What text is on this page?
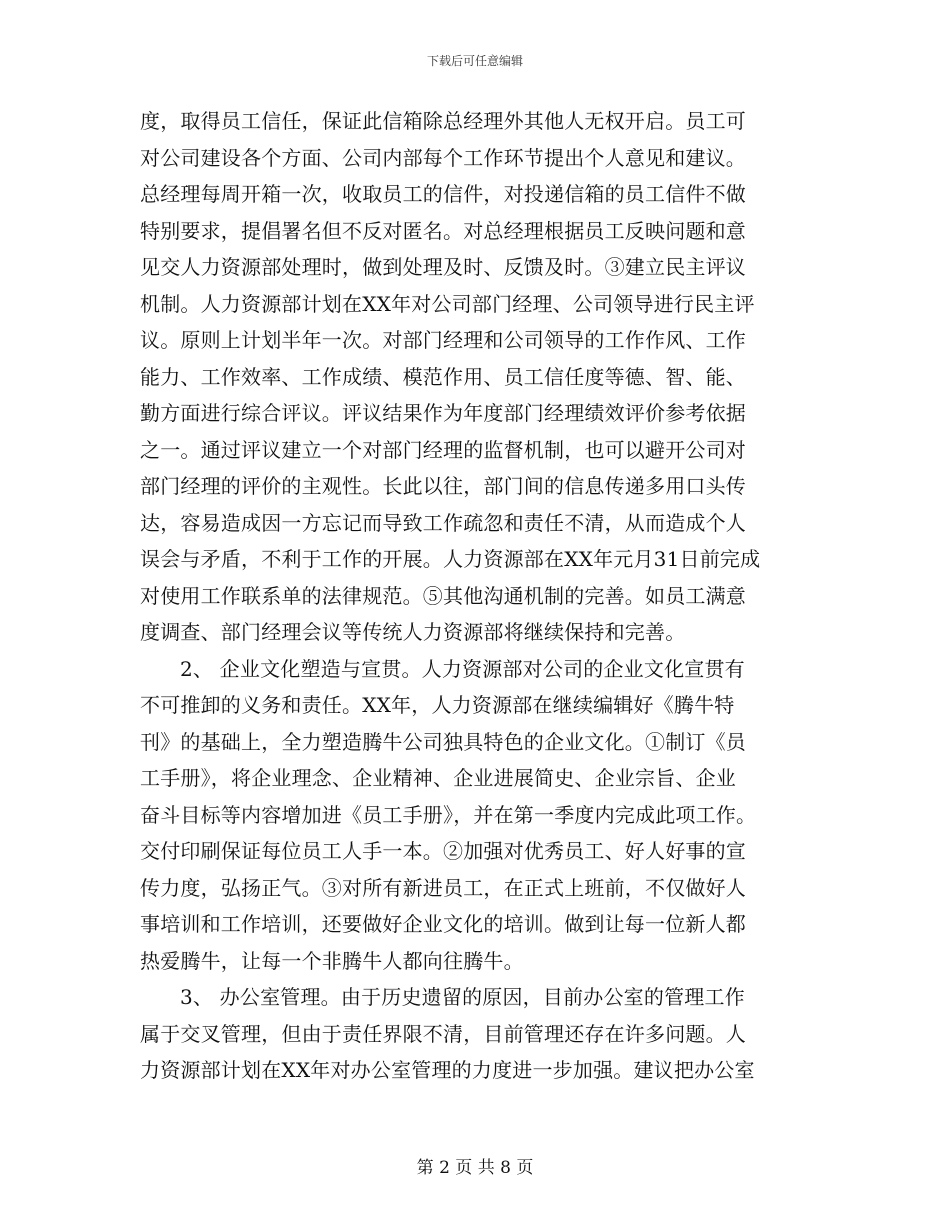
下载后可任意编辑
度，取得员工信任，保证此信箱除总经理外其他人无权开启。员工可
对公司建设各个方面、公司内部每个工作环节提出个人意见和建议。
总经理每周开箱一次，收取员工的信件，对投递信箱的员工信件不做
特别要求，提倡署名但不反对匿名。对总经理根据员工反映问题和意
见交人力资源部处理时，做到处理及时、反馈及时。③建立民主评议
机制。人力资源部计划在XX年对公司部门经理、公司领导进行民主评
议。原则上计划半年一次。对部门经理和公司领导的工作作风、工作
能力、工作效率、工作成绩、模范作用、员工信任度等德、智、能、
勤方面进行综合评议。评议结果作为年度部门经理绩效评价参考依据
之一。通过评议建立一个对部门经理的监督机制，也可以避开公司对
部门经理的评价的主观性。长此以往，部门间的信息传递多用口头传
达，容易造成因一方忘记而导致工作疏忽和责任不清，从而造成个人
误会与矛盾，不利于工作的开展。人力资源部在XX年元月31日前完成
对使用工作联系单的法律规范。⑤其他沟通机制的完善。如员工满意
度调查、部门经理会议等传统人力资源部将继续保持和完善。
2、 企业文化塑造与宣贯。人力资源部对公司的企业文化宣贯有
不可推卸的义务和责任。XX年，人力资源部在继续编辑好《腾牛特
刊》的基础上，全力塑造腾牛公司独具特色的企业文化。①制订《员
工手册》，将企业理念、企业精神、企业进展简史、企业宗旨、企业
奋斗目标等内容增加进《员工手册》，并在第一季度内完成此项工作。
交付印刷保证每位员工人手一本。②加强对优秀员工、好人好事的宣
传力度，弘扬正气。③对所有新进员工，在正式上班前，不仅做好人
事培训和工作培训，还要做好企业文化的培训。做到让每一位新人都
热爱腾牛，让每一个非腾牛人都向往腾牛。
3、 办公室管理。由于历史遗留的原因，目前办公室的管理工作
属于交叉管理，但由于责任界限不清，目前管理还存在许多问题。人
力资源部计划在XX年对办公室管理的力度进一步加强。建议把办公室
第 2 页 共 8 页
